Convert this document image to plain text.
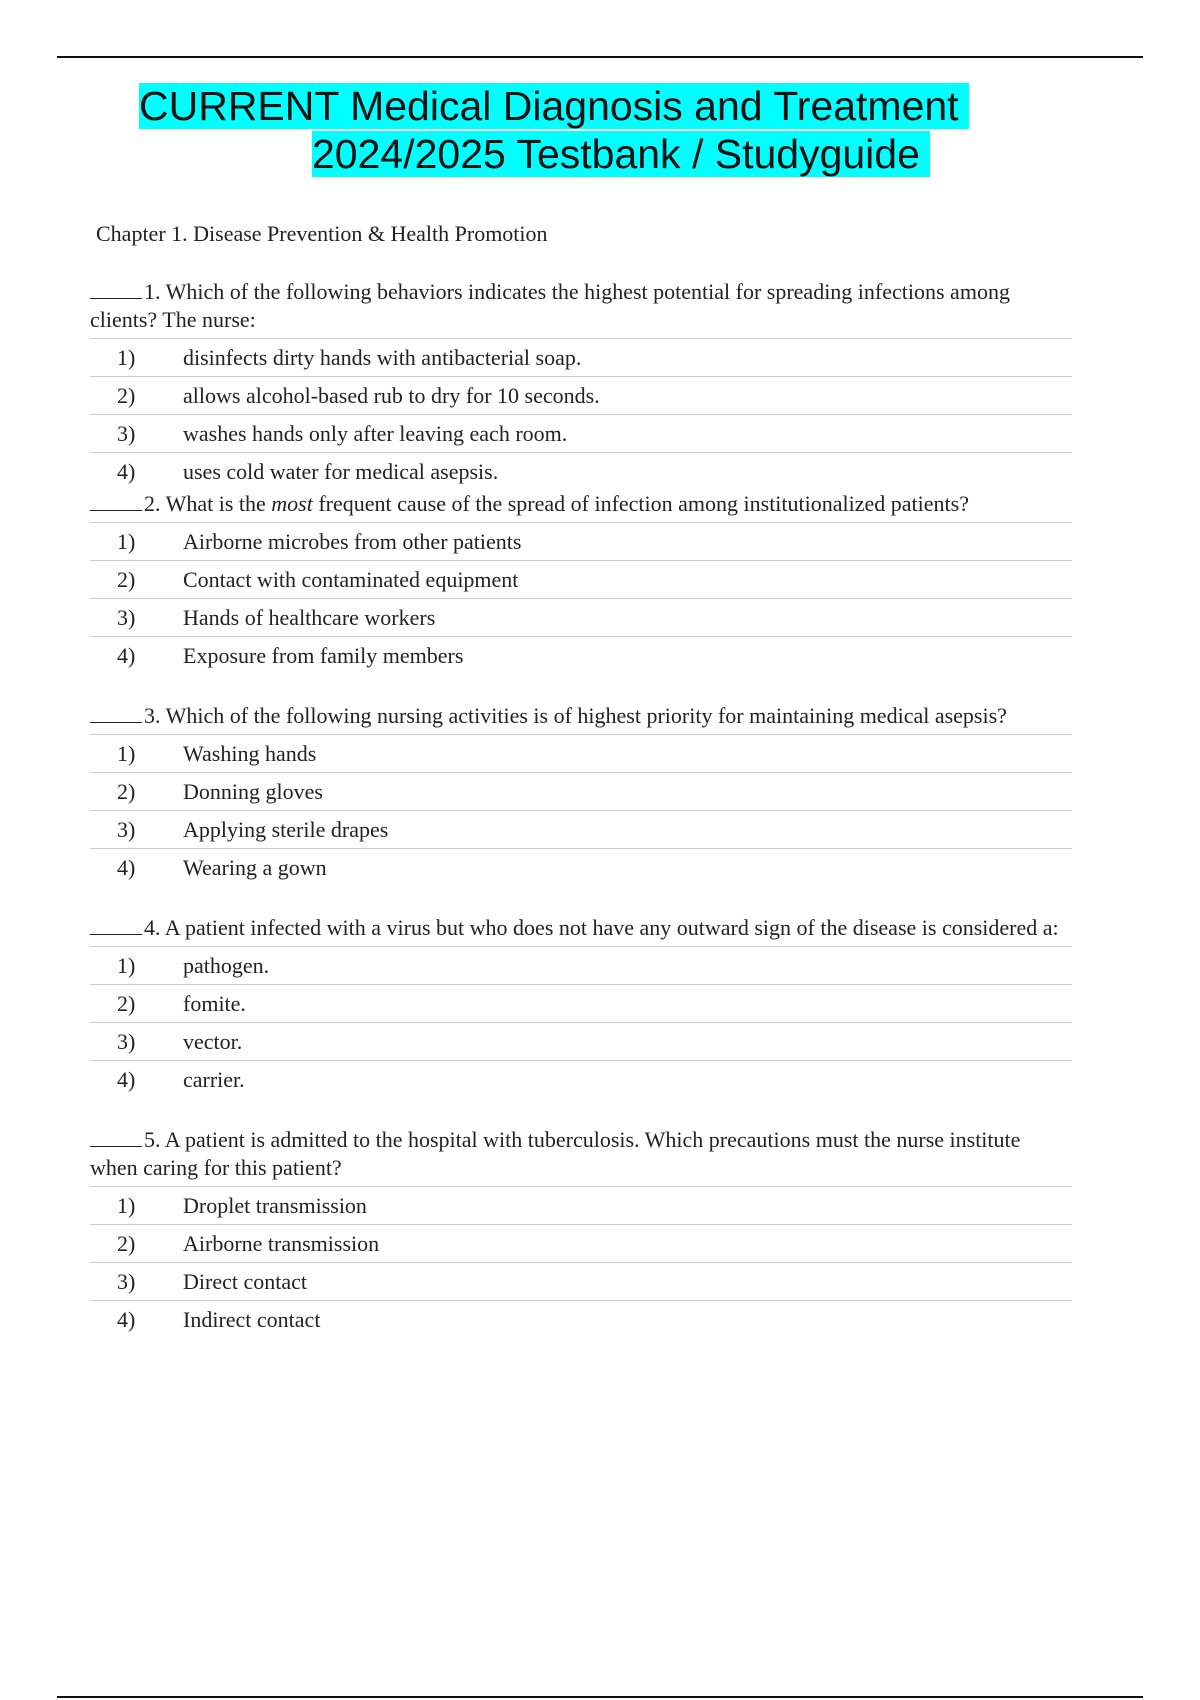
CURRENT Medical Diagnosis and Treatment
2024/2025 Testbank / Studyguide
Chapter 1. Disease Prevention & Health Promotion
1. Which of the following behaviors indicates the highest potential for spreading infections among clients? The nurse:
1)	disinfects dirty hands with antibacterial soap.
2)	allows alcohol-based rub to dry for 10 seconds.
3)	washes hands only after leaving each room.
4)	uses cold water for medical asepsis.
2. What is the most frequent cause of the spread of infection among institutionalized patients?
1)	Airborne microbes from other patients
2)	Contact with contaminated equipment
3)	Hands of healthcare workers
4)	Exposure from family members
3. Which of the following nursing activities is of highest priority for maintaining medical asepsis?
1)	Washing hands
2)	Donning gloves
3)	Applying sterile drapes
4)	Wearing a gown
4. A patient infected with a virus but who does not have any outward sign of the disease is considered a:
1)	pathogen.
2)	fomite.
3)	vector.
4)	carrier.
5. A patient is admitted to the hospital with tuberculosis. Which precautions must the nurse institute when caring for this patient?
1)	Droplet transmission
2)	Airborne transmission
3)	Direct contact
4)	Indirect contact
